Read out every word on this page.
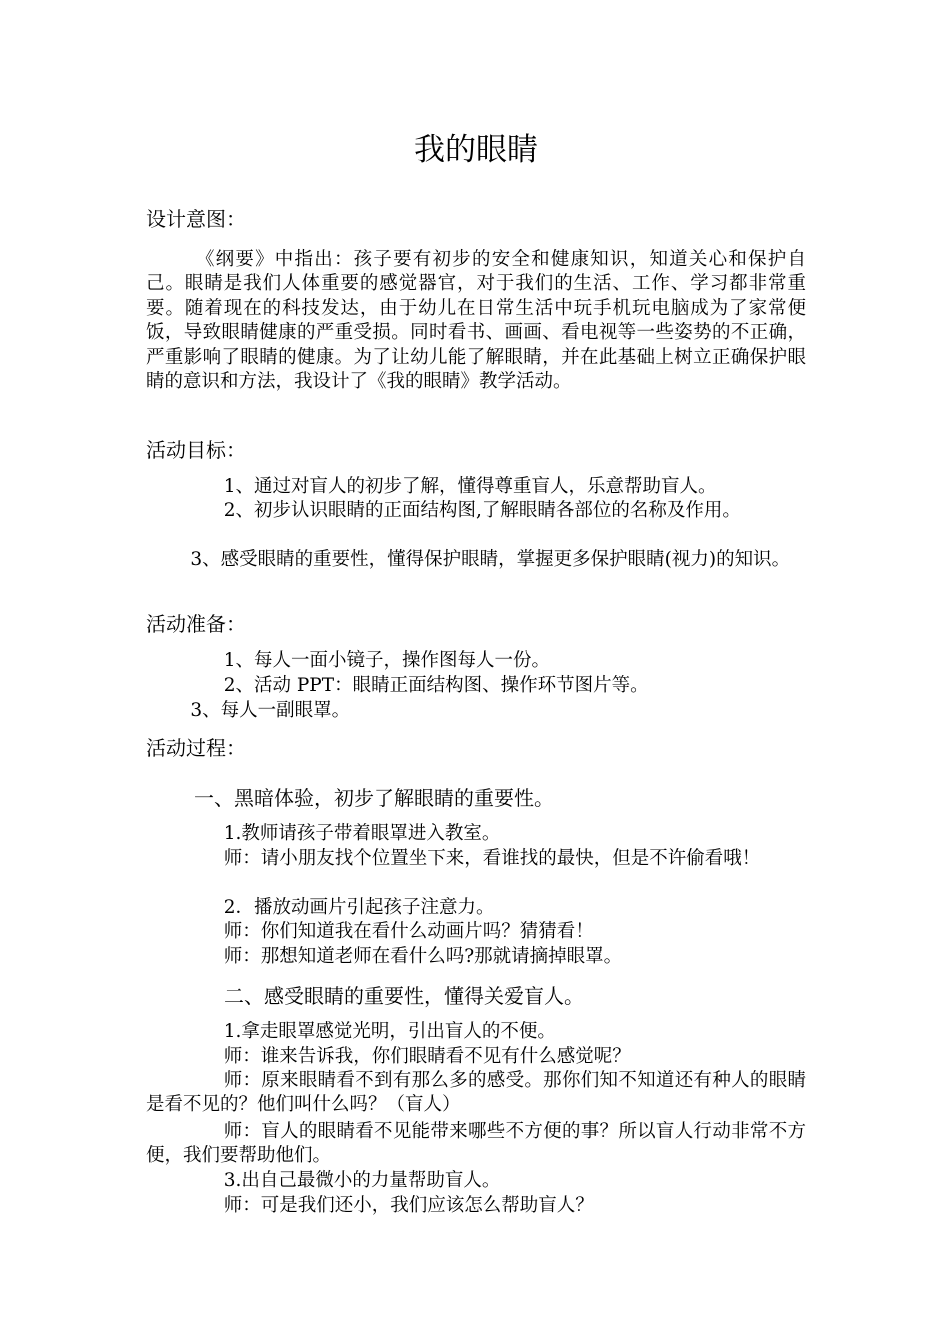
我的眼睛
设计意图：

《纲要》中指出：孩子要有初步的安全和健康知识，知道关心和保护自己。眼睛是我们人体重要的感觉器官，对于我们的生活、工作、学习都非常重要。随着现在的科技发达，由于幼儿在日常生活中玩手机玩电脑成为了家常便饭，导致眼睛健康的严重受损。同时看书、画画、看电视等一些姿势的不正确，严重影响了眼睛的健康。为了让幼儿能了解眼睛，并在此基础上树立正确保护眼睛的意识和方法，我设计了《我的眼睛》教学活动。

活动目标：

1、通过对盲人的初步了解，懂得尊重盲人，乐意帮助盲人。

2、初步认识眼睛的正面结构图,了解眼睛各部位的名称及作用。

3、感受眼睛的重要性，懂得保护眼睛，掌握更多保护眼睛(视力)的知识。

活动准备：

1、每人一面小镜子，操作图每人一份。

2、活动 PPT：眼睛正面结构图、操作环节图片等。

3、每人一副眼罩。

活动过程：
一、黑暗体验，初步了解眼睛的重要性。

1.教师请孩子带着眼罩进入教室。

师：请小朋友找个位置坐下来，看谁找的最快，但是不许偷看哦！

2．播放动画片引起孩子注意力。

师：你们知道我在看什么动画片吗？猜猜看！

师：那想知道老师在看什么吗?那就请摘掉眼罩。

二、感受眼睛的重要性，懂得关爱盲人。

1.拿走眼罩感觉光明，引出盲人的不便。

师：谁来告诉我，你们眼睛看不见有什么感觉呢？

师：原来眼睛看不到有那么多的感受。那你们知不知道还有种人的眼睛是看不见的？他们叫什么吗？（盲人）

师：盲人的眼睛看不见能带来哪些不方便的事？所以盲人行动非常不方便，我们要帮助他们。

3.出自己最微小的力量帮助盲人。

师：可是我们还小，我们应该怎么帮助盲人？
